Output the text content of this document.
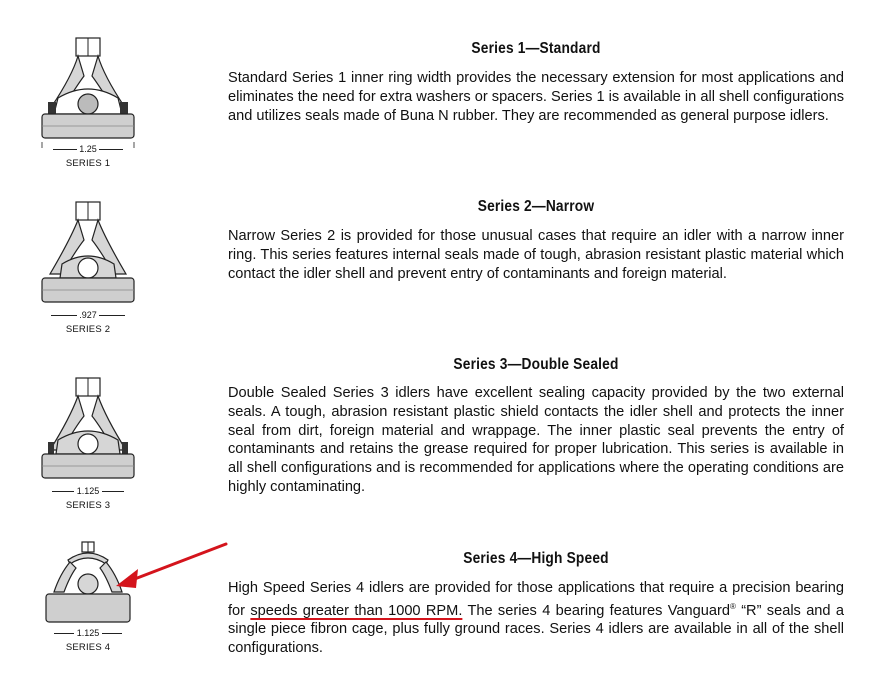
1.25
SERIES 1
Series 1—Standard
Standard Series 1 inner ring width provides the necessary extension for most applications and eliminates the need for extra washers or spacers. Series 1 is available in all shell configurations and utilizes seals made of Buna N rubber. They are recommended as general purpose idlers.
.927
SERIES 2
Series 2—Narrow
Narrow Series 2 is provided for those unusual cases that require an idler with a narrow inner ring. This series features internal seals made of tough, abrasion resistant plastic material which contact the idler shell and prevent entry of contaminants and foreign material.
1.125
SERIES 3
Series 3—Double Sealed
Double Sealed Series 3 idlers have excellent sealing capacity provided by the two external seals. A tough, abrasion resistant plastic shield contacts the idler shell and protects the inner seal from dirt, foreign material and wrappage. The inner plastic seal prevents the entry of contaminants and retains the grease required for proper lubrication. This series is available in all shell configurations and is recommended for applications where the operating conditions are highly contaminating.
1.125
SERIES 4
Series 4—High Speed
High Speed Series 4 idlers are provided for those applications that require a precision bearing for speeds greater than 1000 RPM. The series 4 bearing features Vanguard® “R” seals and a single piece fibron cage, plus fully ground races. Series 4 idlers are available in all of the shell configurations.
